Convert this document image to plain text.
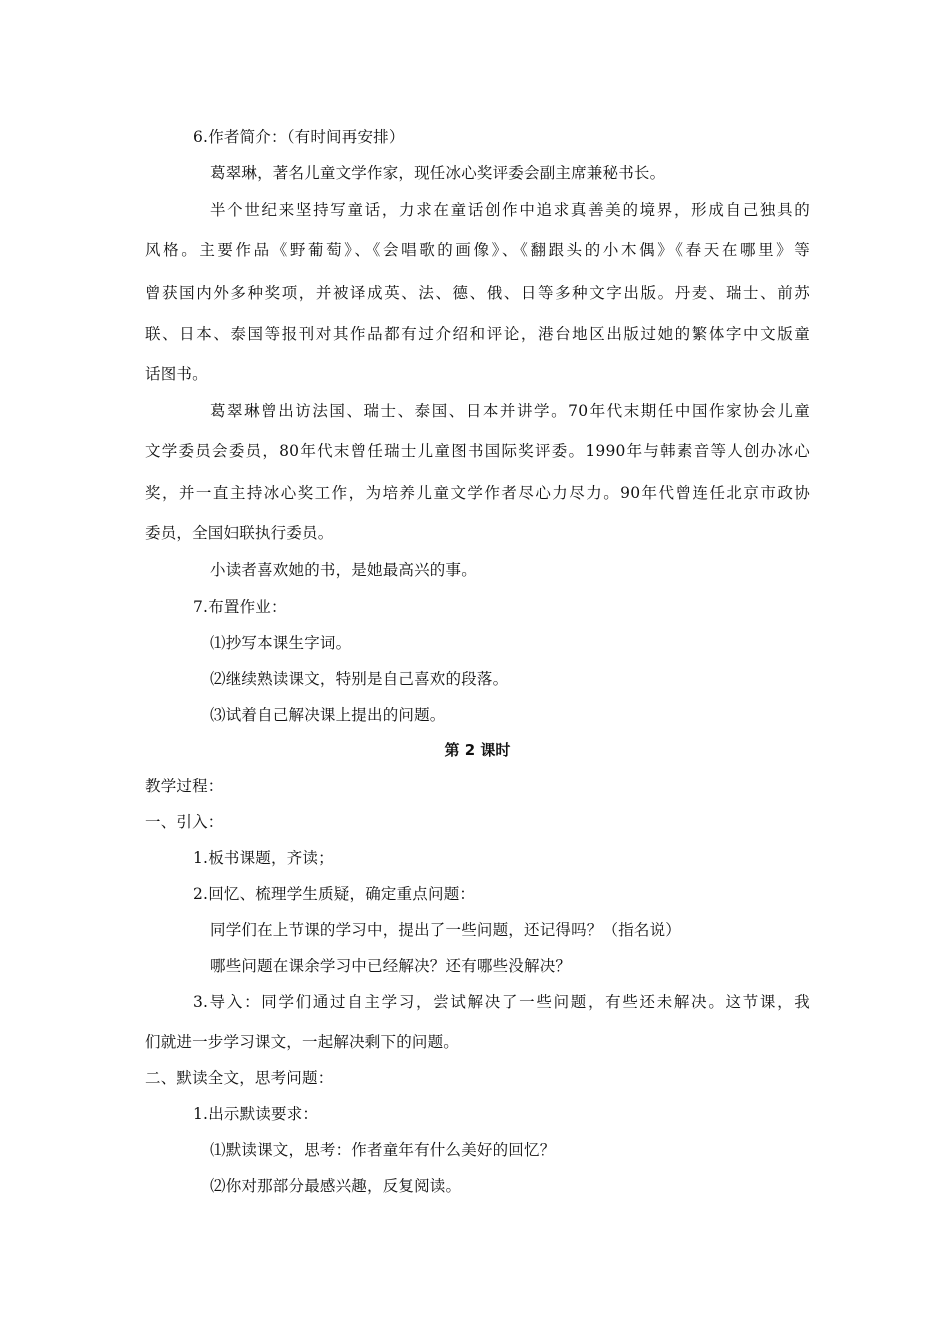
6.作者简介：（有时间再安排）
葛翠琳，著名儿童文学作家，现任冰心奖评委会副主席兼秘书长。
半个世纪来坚持写童话，力求在童话创作中追求真善美的境界，形成自己独具的
风格。主要作品《野葡萄》、《会唱歌的画像》、《翻跟头的小木偶》《春天在哪里》等
曾获国内外多种奖项，并被译成英、法、德、俄、日等多种文字出版。丹麦、瑞士、前苏
联、日本、泰国等报刊对其作品都有过介绍和评论，港台地区出版过她的繁体字中文版童
话图书。
葛翠琳曾出访法国、瑞士、泰国、日本并讲学。70年代末期任中国作家协会儿童
文学委员会委员，80年代末曾任瑞士儿童图书国际奖评委。1990年与韩素音等人创办冰心
奖，并一直主持冰心奖工作，为培养儿童文学作者尽心力尽力。90年代曾连任北京市政协
委员，全国妇联执行委员。
小读者喜欢她的书，是她最高兴的事。
7.布置作业：
⑴抄写本课生字词。
⑵继续熟读课文，特别是自己喜欢的段落。
⑶试着自己解决课上提出的问题。
第 2 课时
教学过程：
一、引入：
1.板书课题，齐读；
2.回忆、梳理学生质疑，确定重点问题：
同学们在上节课的学习中，提出了一些问题，还记得吗？（指名说）
哪些问题在课余学习中已经解决？还有哪些没解决？
3.导入：同学们通过自主学习，尝试解决了一些问题，有些还未解决。这节课，我
们就进一步学习课文，一起解决剩下的问题。
二、默读全文，思考问题：
1.出示默读要求：
⑴默读课文，思考：作者童年有什么美好的回忆？
⑵你对那部分最感兴趣，反复阅读。
